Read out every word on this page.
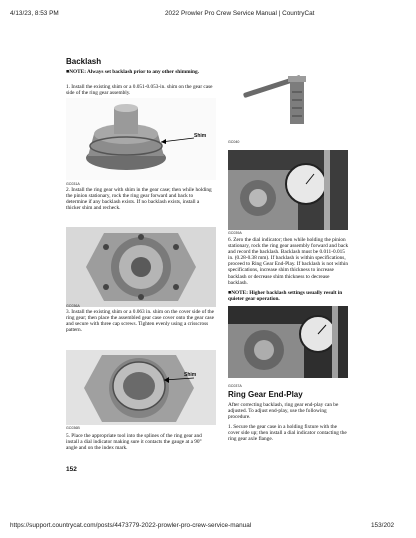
4/13/23, 8:53 PM	2022 Prowler Pro Crew Service Manual | CountryCat
https://support.countrycat.com/posts/4473779-2022-prowler-pro-crew-service-manual	153/202
Backlash
■NOTE: Always set backlash prior to any other shimming.
1. Install the existing shim or a 0.051-0.053-in. shim on the gear case side of the ring gear assembly.
Shim
GC031A
2. Install the ring gear with shim in the gear case; then while holding the pinion stationary, rock the ring gear forward and back to determine if any backlash exists. If no backlash exists, install a thicker shim and recheck.
GC036A
3. Install the existing shim or a 0.063 in. shim on the cover side of the ring gear; then place the assembled gear case cover onto the gear case and secure with three cap screws. Tighten evenly using a crisscross pattern.
Shim
GC036B
5. Place the appropriate tool into the splines of the ring gear and install a dial indicator making sure it contacts the gauge at a 90° angle and on the index mark.
152
GC040
GC039A
6. Zero the dial indicator; then while holding the pinion stationary, rock the ring gear assembly forward and back and record the backlash. Backlash must be 0.011-0.015 in. (0.28-0.38 mm). If backlash is within specifications, proceed to Ring Gear End-Play. If backlash is not within specifications, increase shim thickness to increase backlash or decrease shim thickness to decrease backlash.
■NOTE: Higher backlash settings usually result in quieter gear operation.
GC037A
Ring Gear End-Play
After correcting backlash, ring gear end-play can be adjusted. To adjust end-play, use the following procedure.
1. Secure the gear case in a holding fixture with the cover side up; then install a dial indicator contacting the ring gear axle flange.
